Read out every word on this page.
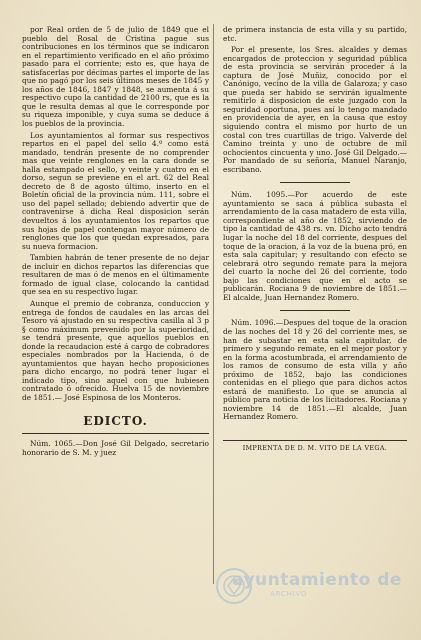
por Real orden de 5 de julio de 1849 que el pueblo del Rosal de Cristina pague sus contribuciones en los términos que se indicaron en el repartimiento verificado en el año próximo pasado para el corriente; esto es, que haya de satisfacerlas por décimas partes el importe de las que no pagó por los seis últimos meses de 1845 y los años de 1846, 1847 y 1848, se aumenta á su respectivo cupo la cantidad de 2100 rs, que es la que le resulta demas al que le corresponde por su riqueza imponible, y cuya suma se deduce á los pueblos de la provincia.

Los ayuntamientos al formar sus respectivos repartos en el papel del sello 4.º como está mandado, tendrán presente de no comprender mas que veinte renglones en la cara donde se halla estampado el sello, y veinte y cuatro en el dorso, segun se previene en el art. 62 del Real decreto de 8 de agosto último, inserto en el Boletín oficial de la provincia núm. 111, sobre el uso del papel sellado; debiendo advertir que de contravenirse á dicha Real disposicion serán devueltos á los ayuntamientos los repartos que sus hojas de papel contengan mayor número de renglones que los que quedan expresados, para su nueva formacion.

Tambien habrán de tener presente de no dejar de incluir en dichos repartos las diferencias que resultaren de mas ó de menos en el últimamente formado de igual clase, colocando la cantidad que sea en su respectivo lugar.

Aunque el premio de cobranza, conduccion y entrega de fondos de caudales en las arcas del Tesoro vá ajustado en su respectiva casilla al 3 p § como máximum prevenido por la superioridad, se tendrá presente, que aquellos pueblos en donde la recaudacion esté á cargo de cobradores especiales nombrados por la Hacienda, ó de ayuntamientos que hayan hecho proposiciones para dicho encargo, no podrá tener lugar el indicado tipo, sino aquel con que hubiesen contratado ó ofrecido. Huelva 15 de noviembre de 1851.— José Espinosa de los Monteros.

EDICTO.

Núm. 1065.—Don José Gil Delgado, secretario honorario de S. M. y juez

de primera instancia de esta villa y su partido, etc.

Por el presente, los Sres. alcaldes y demas encargados de proteccion y seguridad pública de esta provincia se servirán proceder á la captura de José Muñiz, conocido por el Canónigo, vecino de la villa de Galaroza; y caso que pueda ser habido se servirán igualmente remitirlo á disposicion de este juzgado con la seguridad oportuna, pues así lo tengo mandado en providencia de ayer, en la causa que estoy siguiendo contra el mismo por hurto de un costal con tres cuartillas de trigo. Valverde del Camino treinta y uno de octubre de mil ochocientos cincuenta y uno. José Gil Delgado.—Por mandado de su señoría, Manuel Naranjo, escribano.

Núm. 1095.—Por acuerdo de este ayuntamiento se saca á pública subasta el arrendamiento de la casa matadero de esta villa, correspondiente al año de 1852, sirviendo de tipo la cantidad de 438 rs. vn. Dicho acto tendrá lugar la noche del 18 del corriente, despues del toque de la oracion, á la voz de la buena pró, en esta sala capitular; y resultando con efecto se celebrará otro segundo remate para la mejora del cuarto la noche del 26 del corriente, todo bajo las condiciones que en el acto se publicarán. Rociana 9 de noviembre de 1851.—El alcalde, Juan Hernandez Romero.

Núm. 1096.—Despues del toque de la oracion de las noches del 18 y 26 del corriente mes, se han de subastar en esta sala capitular, de primero y segundo remate, en el mejor postor y en la forma acostumbrada, el arrendamiento de los ramos de consumo de esta villa y año próximo de 1852, bajo las condiciones contenidas en el pliego que para dichos actos estará de manifiesto. Lo que se anuncia al público para noticia de los licitadores. Rociana y noviembre 14 de 1851.—El alcalde, Juan Hernandez Romero.

IMPRENTA DE D. M. VITO DE LA VEGA.
ayuntamiento de
ARCHIVO
